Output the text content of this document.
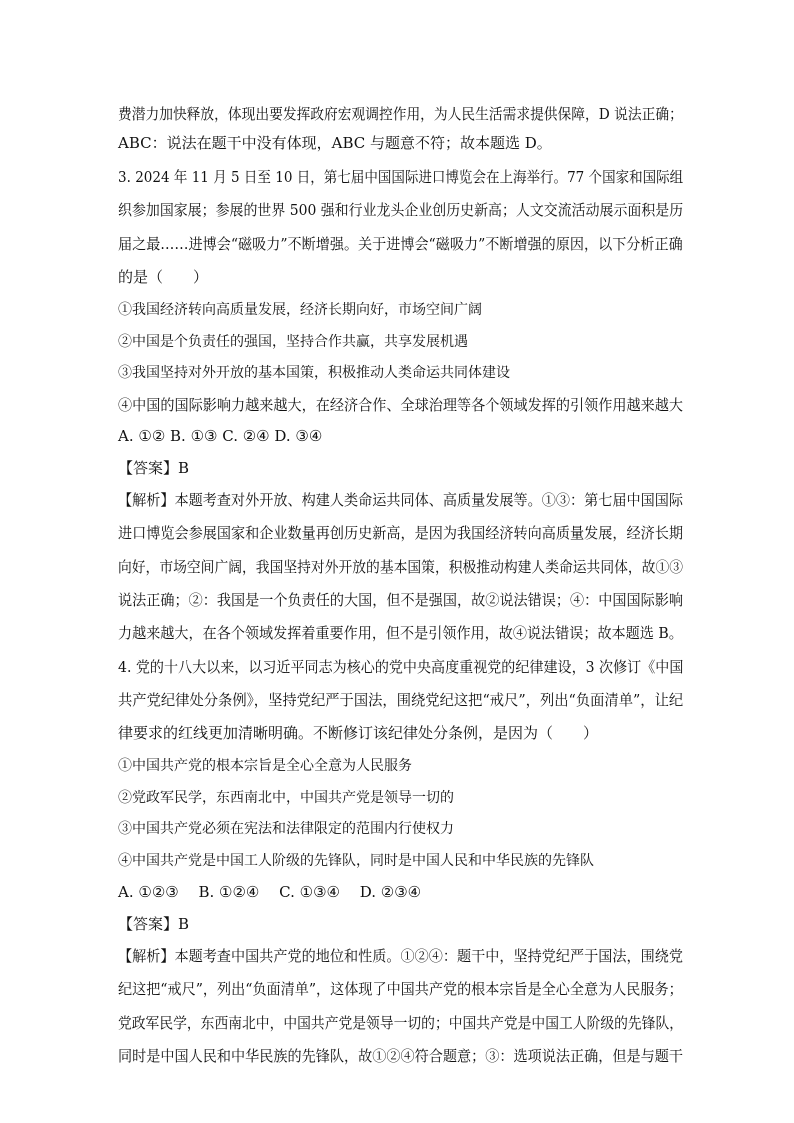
费潜力加快释放，体现出要发挥政府宏观调控作用，为人民生活需求提供保障，D 说法正确；
ABC：说法在题干中没有体现，ABC 与题意不符；故本题选 D。
3. 2024 年 11 月 5 日至 10 日，第七届中国国际进口博览会在上海举行。77 个国家和国际组
织参加国家展；参展的世界 500 强和行业龙头企业创历史新高；人文交流活动展示面积是历
届之最……进博会“磁吸力”不断增强。关于进博会“磁吸力”不断增强的原因，以下分析正确
的是（　　）
①我国经济转向高质量发展，经济长期向好，市场空间广阔
②中国是个负责任的强国，坚持合作共赢，共享发展机遇
③我国坚持对外开放的基本国策，积极推动人类命运共同体建设
④中国的国际影响力越来越大，在经济合作、全球治理等各个领域发挥的引领作用越来越大
A. ①② B. ①③ C. ②④ D. ③④
【答案】B
【解析】本题考查对外开放、构建人类命运共同体、高质量发展等。①③：第七届中国国际
进口博览会参展国家和企业数量再创历史新高，是因为我国经济转向高质量发展，经济长期
向好，市场空间广阔，我国坚持对外开放的基本国策，积极推动构建人类命运共同体，故①③
说法正确；②：我国是一个负责任的大国，但不是强国，故②说法错误；④：中国国际影响
力越来越大，在各个领域发挥着重要作用，但不是引领作用，故④说法错误；故本题选 B。
4. 党的十八大以来，以习近平同志为核心的党中央高度重视党的纪律建设，3 次修订《中国
共产党纪律处分条例》，坚持党纪严于国法，围绕党纪这把“戒尺”，列出“负面清单”，让纪
律要求的红线更加清晰明确。不断修订该纪律处分条例，是因为（　　）
①中国共产党的根本宗旨是全心全意为人民服务
②党政军民学，东西南北中，中国共产党是领导一切的
③中国共产党必须在宪法和法律限定的范围内行使权力
④中国共产党是中国工人阶级的先锋队，同时是中国人民和中华民族的先锋队
A. ①②③　 B. ①②④　 C. ①③④　 D. ②③④
【答案】B
【解析】本题考查中国共产党的地位和性质。①②④：题干中，坚持党纪严于国法，围绕党
纪这把“戒尺”，列出“负面清单”，这体现了中国共产党的根本宗旨是全心全意为人民服务；
党政军民学，东西南北中，中国共产党是领导一切的；中国共产党是中国工人阶级的先锋队，
同时是中国人民和中华民族的先锋队，故①②④符合题意；③：选项说法正确，但是与题干
